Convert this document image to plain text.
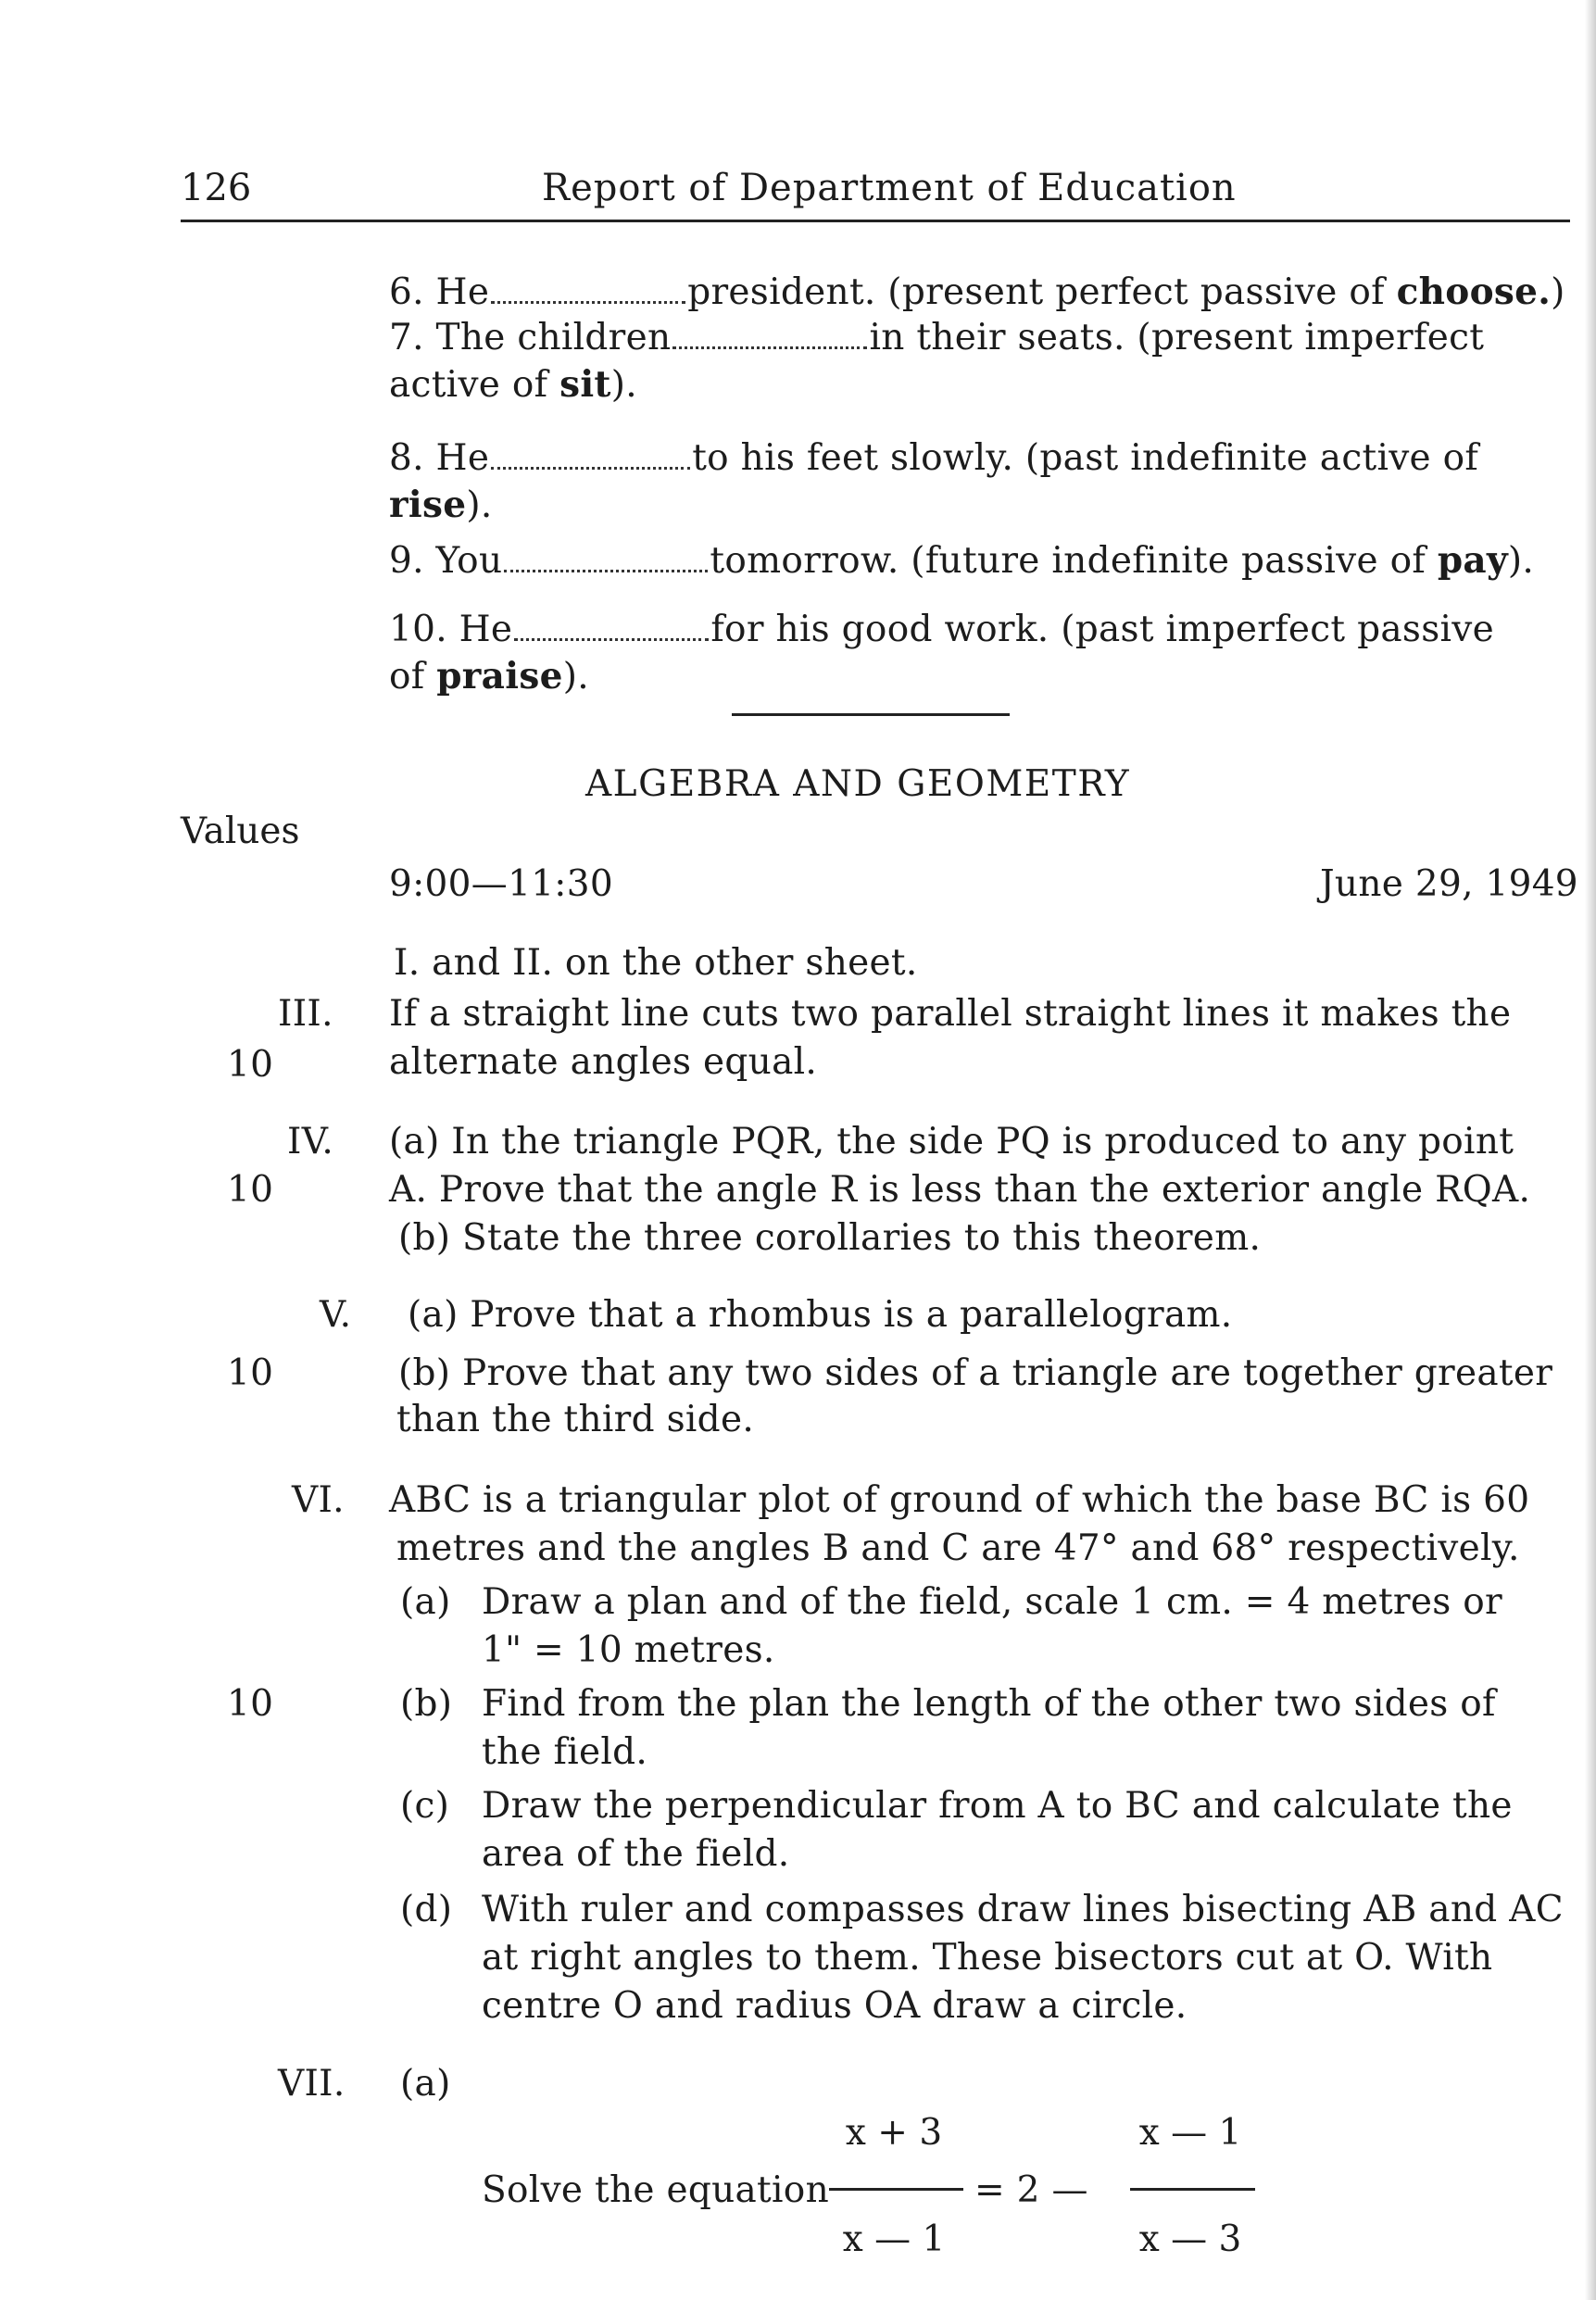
126	Report of Department of Education
6. He	president. (present perfect passive of choose.)
7. The children	in their seats. (present imperfect
active of sit).
8. He	to his feet slowly. (past indefinite active of
rise).
9. You	tomorrow. (future indefinite passive of pay).
10. He	for his good work. (past imperfect passive
of praise).
ALGEBRA AND GEOMETRY
Values
9:00—11:30	June 29, 1949
I. and II. on the other sheet.
III.
10
If a straight line cuts two parallel straight lines it makes the
alternate angles equal.
IV.
10
(a) In the triangle PQR, the side PQ is produced to any point
A. Prove that the angle R is less than the exterior angle RQA.
(b) State the three corollaries to this theorem.
V.
10
(a) Prove that a rhombus is a parallelogram.
(b) Prove that any two sides of a triangle are together greater
than the third side.
VI. ABC is a triangular plot of ground of which the base BC is 60
metres and the angles B and C are 47° and 68° respectively.
(a) Draw a plan and of the field, scale 1 cm. = 4 metres or
1" = 10 metres.
10	(b) Find from the plan the length of the other two sides of
the field.
(c) Draw the perpendicular from A to BC and calculate the
area of the field.
(d) With ruler and compasses draw lines bisecting AB and AC
at right angles to them. These bisectors cut at O. With
centre O and radius OA draw a circle.
VII. (a)
Solve the equation
x + 3
x — 1
= 2 —
x — 1
x — 3
